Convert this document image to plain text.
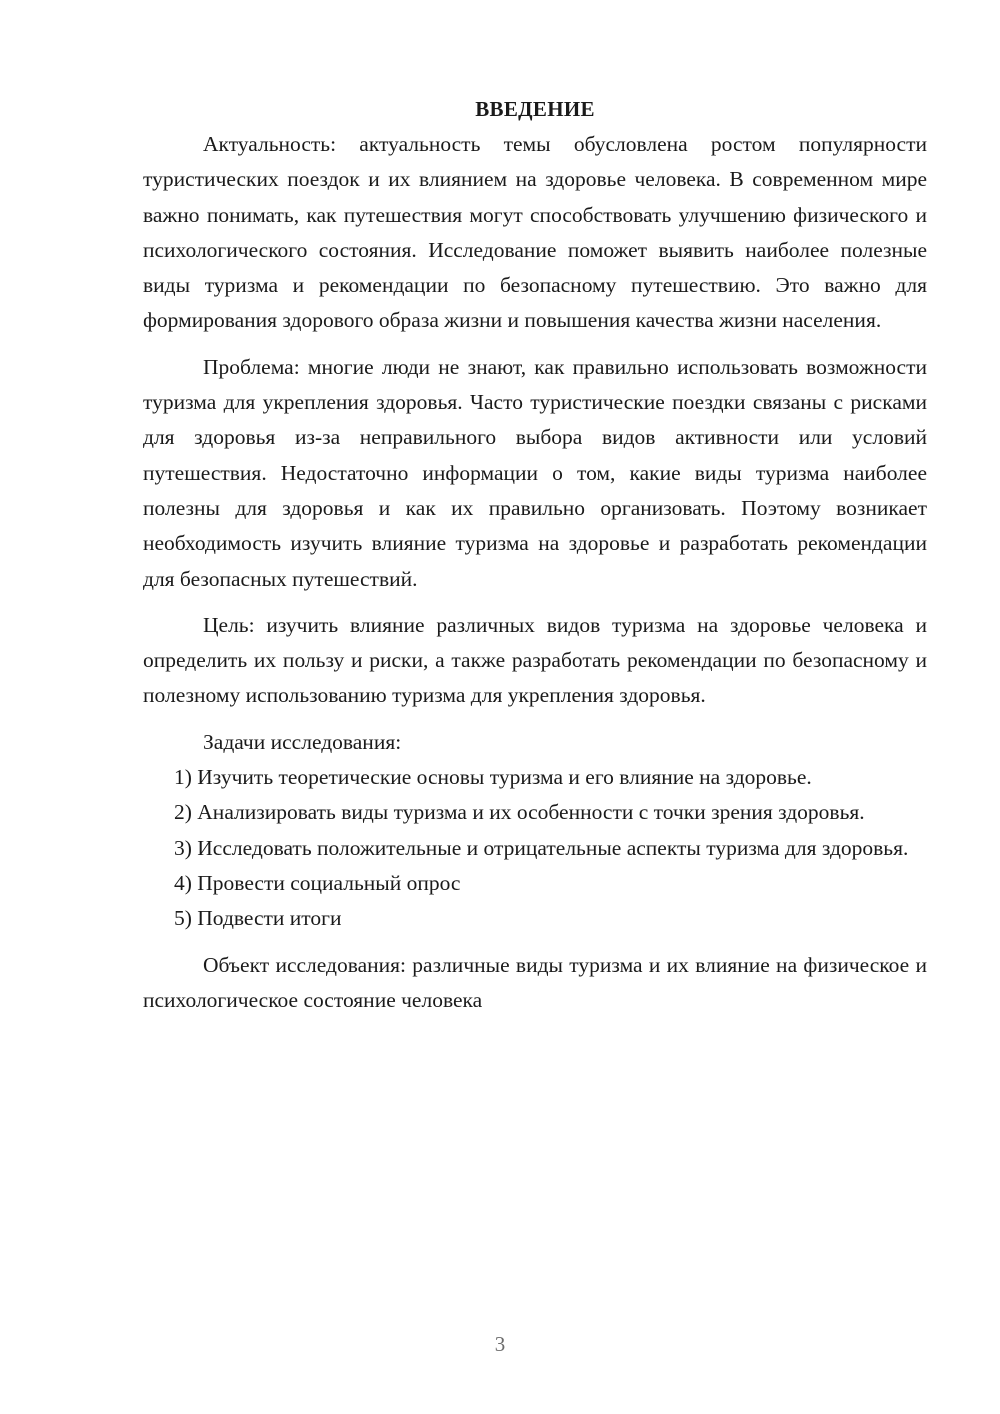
ВВЕДЕНИЕ

Актуальность: актуальность темы обусловлена ростом популярности туристических поездок и их влиянием на здоровье человека. В современном мире важно понимать, как путешествия могут способствовать улучшению физического и психологического состояния. Исследование поможет выявить наиболее полезные виды туризма и рекомендации по безопасному путешествию. Это важно для формирования здорового образа жизни и повышения качества жизни населения.

Проблема: многие люди не знают, как правильно использовать возможности туризма для укрепления здоровья. Часто туристические поездки связаны с рисками для здоровья из-за неправильного выбора видов активности или условий путешествия. Недостаточно информации о том, какие виды туризма наиболее полезны для здоровья и как их правильно организовать. Поэтому возникает необходимость изучить влияние туризма на здоровье и разработать рекомендации для безопасных путешествий.

Цель: изучить влияние различных видов туризма на здоровье человека и определить их пользу и риски, а также разработать рекомендации по безопасному и полезному использованию туризма для укрепления здоровья.

Задачи исследования:

1) Изучить теоретические основы туризма и его влияние на здоровье.

2) Анализировать виды туризма и их особенности с точки зрения здоровья.

3) Исследовать положительные и отрицательные аспекты туризма для здоровья.

4) Провести социальный опрос

5) Подвести итоги

Объект исследования: различные виды туризма и их влияние на физическое и психологическое состояние человека

3
